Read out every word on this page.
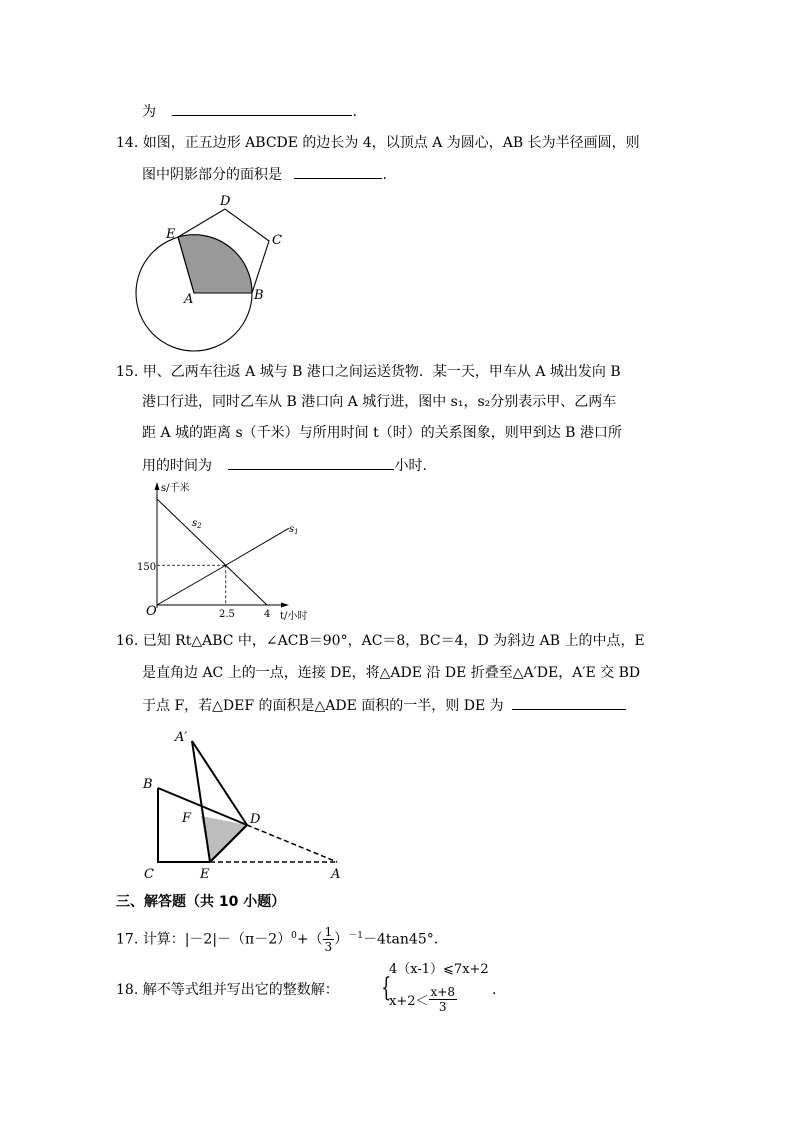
为	.
14. 如图，正五边形 ABCDE 的边长为 4，以顶点 A 为圆心，AB 长为半径画圆，则
图中阴影部分的面积是	.
A	B
C
D
E
15. 甲、乙两车往返 A 城与 B 港口之间运送货物．某一天，甲车从 A 城出发向 B
港口行进，同时乙车从 B 港口向 A 城行进，图中 s₁，s₂分别表示甲、乙两车
距 A 城的距离 s（千米）与所用时间 t（时）的关系图象，则甲到达 B 港口所
用的时间为	小时.
s/千米
t/小时
O
$s_1$
$s_2$
150
2.5	4
16. 已知 Rt△ABC 中，∠ACB＝90°，AC＝8，BC＝4，D 为斜边 AB 上的中点，E
是直角边 AC 上的一点，连接 DE，将△ADE 沿 DE 折叠至△A′DE，A′E 交 BD
于点 F，若△DEF 的面积是△ADE 面积的一半，则 DE 为
A′
B
F	D
C	E	A
三、解答题（共 10 小题）
17. 计算：$|-2|-(\pi-2)^0+( \frac{1}{3} )^{-1}-4\tan 45^\circ$．
18. 解不等式组并写出它的整数解： {
4（x-1）⩽7x+2
$x+2< \frac{x+8}{3}$	.
